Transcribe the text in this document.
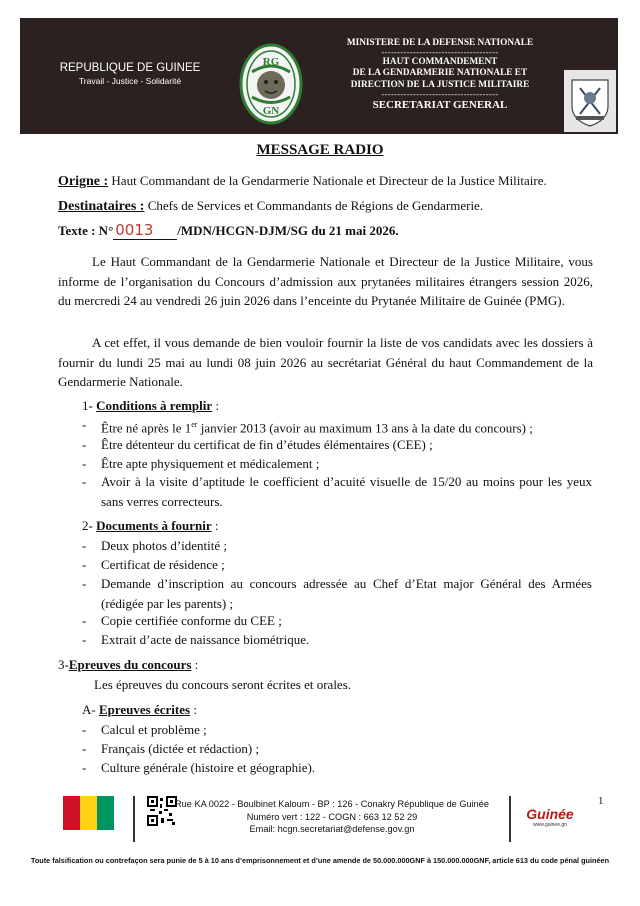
REPUBLIQUE DE GUINEE
Travail - Justice - Solidarité
RG
GN
MINISTERE DE LA DEFENSE NATIONALE
-------------------------------------
HAUT COMMANDEMENT
DE LA GENDARMERIE NATIONALE ET
DIRECTION DE LA JUSTICE MILITAIRE
-------------------------------------
SECRETARIAT GENERAL
MESSAGE RADIO
Origne : Haut Commandant de la Gendarmerie Nationale et Directeur de la Justice Militaire.
Destinataires : Chefs de Services et Commandants de Régions de Gendarmerie.
Texte : N° 0013 /MDN/HCGN-DJM/SG du 21 mai 2026.
Le Haut Commandant de la Gendarmerie Nationale et Directeur de la Justice Militaire, vous informe de l’organisation du Concours d’admission aux prytanées militaires étrangers session 2026, du mercredi 24 au vendredi 26 juin 2026 dans l’enceinte du Prytanée Militaire de Guinée (PMG).
A cet effet, il vous demande de bien vouloir fournir la liste de vos candidats avec les dossiers à fournir du lundi 25 mai au lundi 08 juin 2026 au secrétariat Général du haut Commandement de la Gendarmerie Nationale.
1- Conditions à remplir :
- Être né après le 1er janvier 2013 (avoir au maximum 13 ans à la date du concours) ;
- Être détenteur du certificat de fin d’études élémentaires (CEE) ;
- Être apte physiquement et médicalement ;
- Avoir à la visite d’aptitude le coefficient d’acuité visuelle de 15/20 au moins pour les yeux sans verres correcteurs.
2- Documents à fournir :
- Deux photos d’identité ;
- Certificat de résidence ;
- Demande d’inscription au concours adressée au Chef d’Etat major Général des Armées (rédigée par les parents) ;
- Copie certifiée conforme du CEE ;
- Extrait d’acte de naissance biométrique.
3-Epreuves du concours :
Les épreuves du concours seront écrites et orales.
A- Epreuves écrites :
- Calcul et problème ;
- Français (dictée et rédaction) ;
- Culture générale (histoire et géographie).
1
Rue KA 0022 - Boulbinet Kaloum - BP : 126 - Conakry République de Guinée
Numéro vert : 122 - COGN : 663 12 52 29
Email: hcgn.secretariat@defense.gov.gn
Guinée
www.guinee.gn
Toute falsification ou contrefaçon sera punie de 5 à 10 ans d’emprisonnement et d’une amende de 50.000.000GNF à 150.000.000GNF, article 613 du code pénal guinéen
